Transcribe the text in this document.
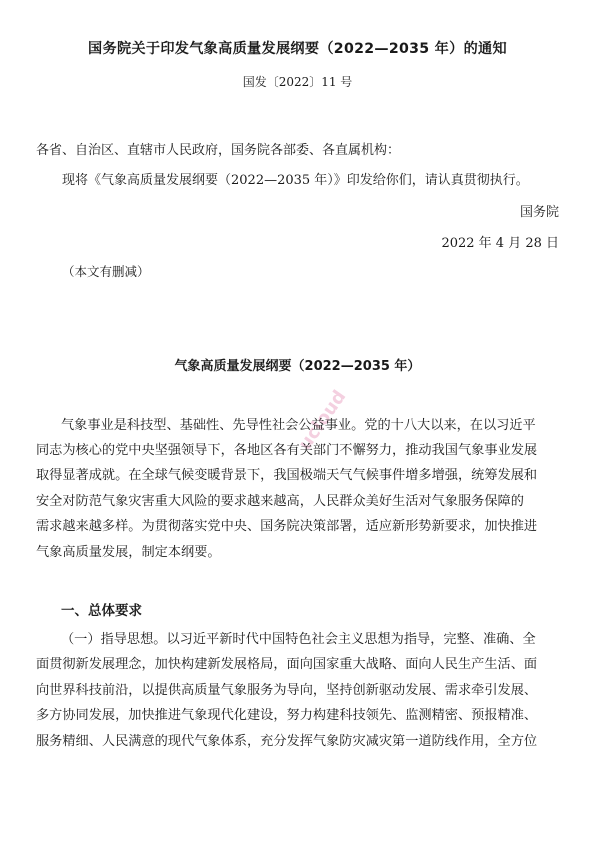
国务院关于印发气象高质量发展纲要（2022—2035 年）的通知
国发〔2022〕11 号
各省、自治区、直辖市人民政府，国务院各部委、各直属机构：
现将《气象高质量发展纲要（2022—2035 年）》印发给你们，请认真贯彻执行。
国务院
2022 年 4 月 28 日
（本文有删减）
气象高质量发展纲要（2022—2035 年）
ucloud
气象事业是科技型、基础性、先导性社会公益事业。党的十八大以来，在以习近平
同志为核心的党中央坚强领导下，各地区各有关部门不懈努力，推动我国气象事业发展
取得显著成就。在全球气候变暖背景下，我国极端天气气候事件增多增强，统筹发展和
安全对防范气象灾害重大风险的要求越来越高，人民群众美好生活对气象服务保障的
需求越来越多样。为贯彻落实党中央、国务院决策部署，适应新形势新要求，加快推进
气象高质量发展，制定本纲要。
一、总体要求
（一）指导思想。以习近平新时代中国特色社会主义思想为指导，完整、准确、全
面贯彻新发展理念，加快构建新发展格局，面向国家重大战略、面向人民生产生活、面
向世界科技前沿，以提供高质量气象服务为导向，坚持创新驱动发展、需求牵引发展、
多方协同发展，加快推进气象现代化建设，努力构建科技领先、监测精密、预报精准、
服务精细、人民满意的现代气象体系，充分发挥气象防灾减灾第一道防线作用，全方位
